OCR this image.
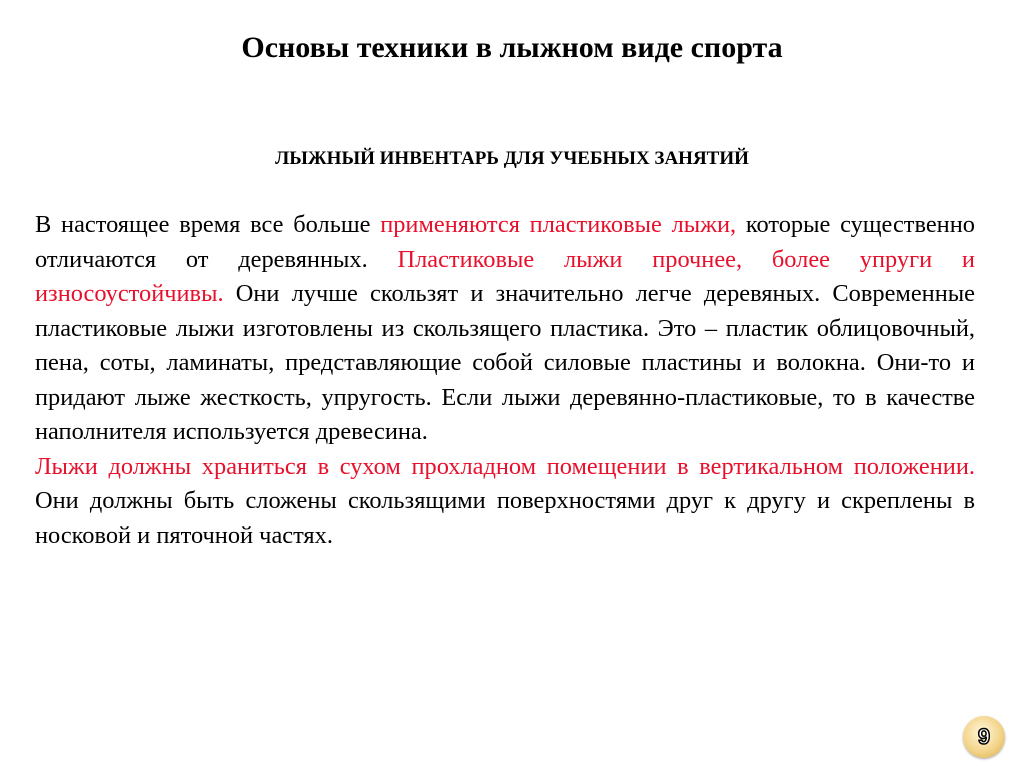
Основы техники в лыжном виде спорта
ЛЫЖНЫЙ ИНВЕНТАРЬ ДЛЯ УЧЕБНЫХ ЗАНЯТИЙ

В настоящее время все больше применяются пластиковые лыжи, которые существенно отличаются от деревянных. Пластиковые лыжи прочнее, более упруги и износоустойчивы. Они лучше скользят и значительно легче деревяных. Современные пластиковые лыжи изготовлены из скользящего пластика. Это – пластик облицовочный, пена, соты, ламинаты, представляющие собой силовые пластины и волокна. Они-то и придают лыже жесткость, упругость. Если лыжи деревянно-пластиковые, то в качестве наполнителя используется древесина.
Лыжи должны храниться в сухом прохладном помещении в вертикальном положении. Они должны быть сложены скользящими поверхностями друг к другу и скреплены в носковой и пяточной частях.

9
